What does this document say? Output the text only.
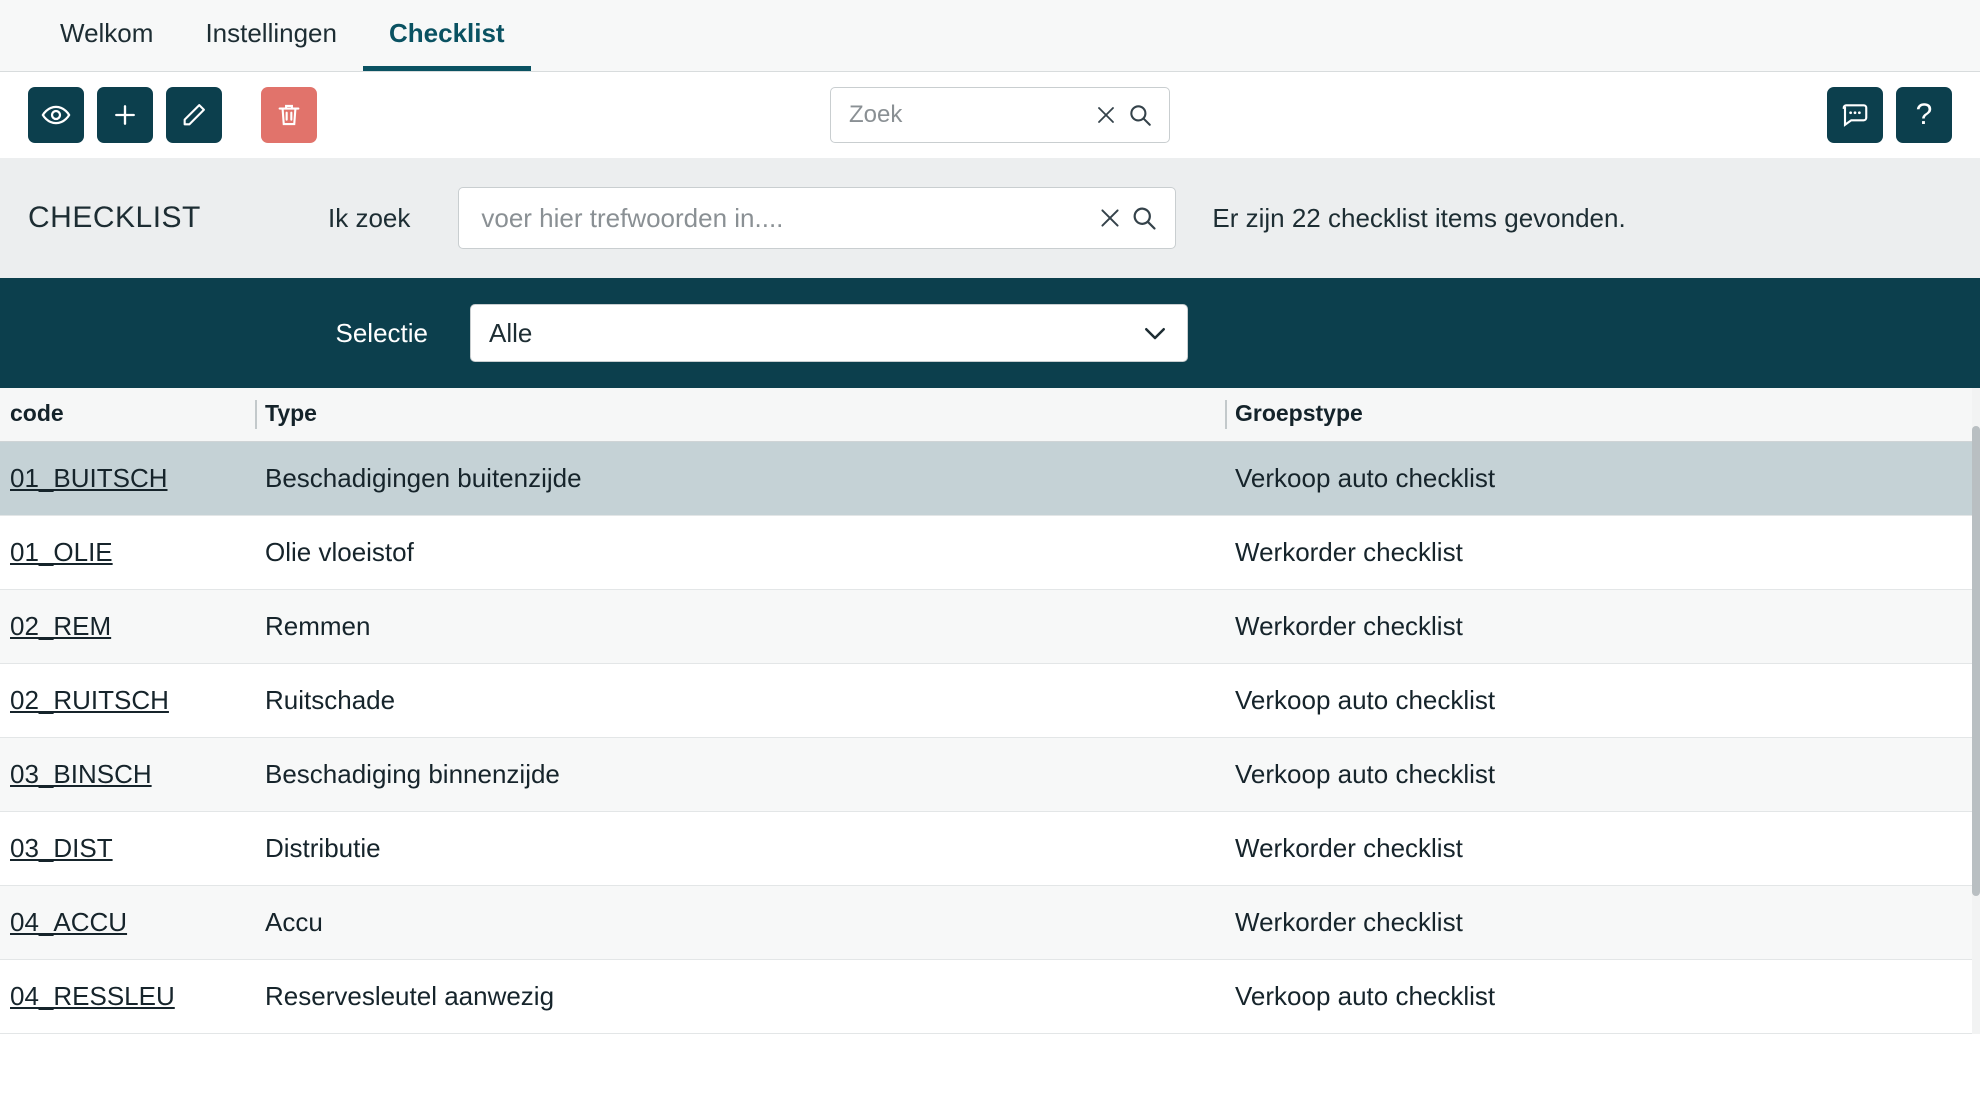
Welkom Instellingen Checklist
Zoek
?
CHECKLIST	Ik zoek
voer hier trefwoorden in....	Er zijn 22 checklist items gevonden.
Selectie
Alle
code	Type	Groepstype
01_BUITSCH	Beschadigingen buitenzijde	Verkoop auto checklist
01_OLIE	Olie vloeistof	Werkorder checklist
02_REM	Remmen	Werkorder checklist
02_RUITSCH	Ruitschade	Verkoop auto checklist
03_BINSCH	Beschadiging binnenzijde	Verkoop auto checklist
03_DIST	Distributie	Werkorder checklist
04_ACCU	Accu	Werkorder checklist
04_RESSLEU	Reservesleutel aanwezig	Verkoop auto checklist
